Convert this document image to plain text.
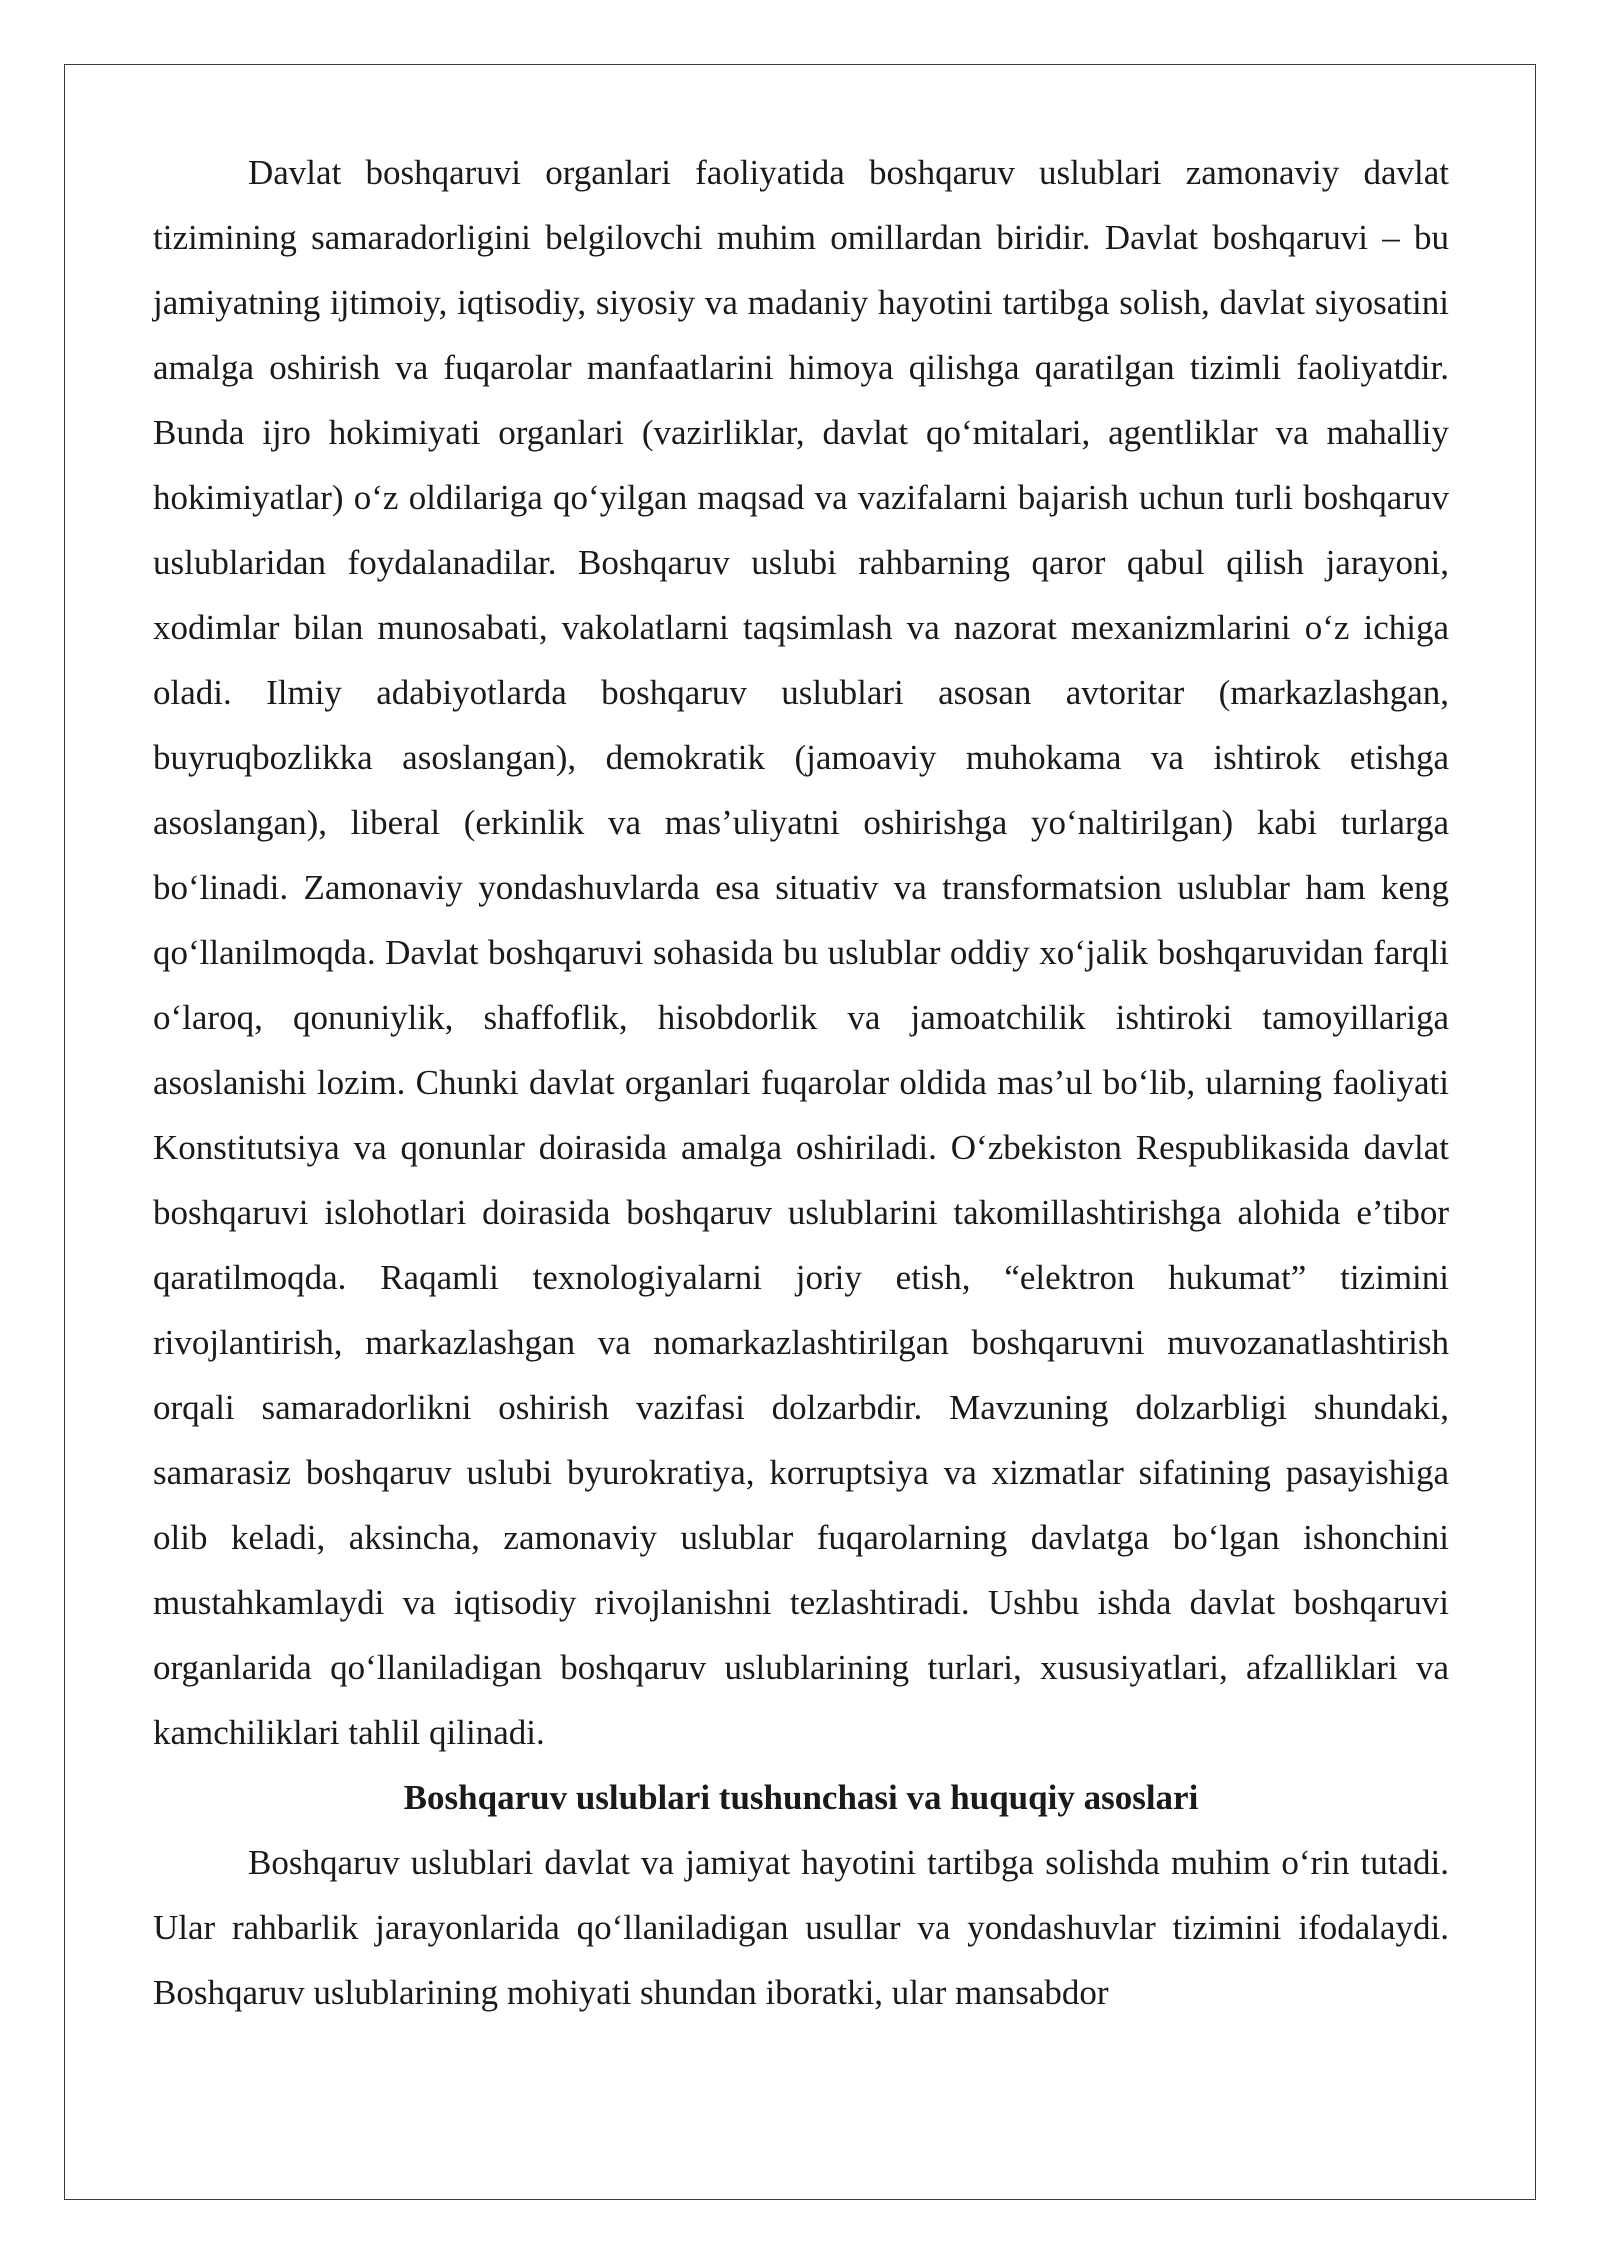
Davlat boshqaruvi organlari faoliyatida boshqaruv uslublari zamonaviy davlat tizimining samaradorligini belgilovchi muhim omillardan biridir. Davlat boshqaruvi – bu jamiyatning ijtimoiy, iqtisodiy, siyosiy va madaniy hayotini tartibga solish, davlat siyosatini amalga oshirish va fuqarolar manfaatlarini himoya qilishga qaratilgan tizimli faoliyatdir. Bunda ijro hokimiyati organlari (vazirliklar, davlat qoʻmitalari, agentliklar va mahalliy hokimiyatlar) oʻz oldilariga qoʻyilgan maqsad va vazifalarni bajarish uchun turli boshqaruv uslublaridan foydalanadilar. Boshqaruv uslubi rahbarning qaror qabul qilish jarayoni, xodimlar bilan munosabati, vakolatlarni taqsimlash va nazorat mexanizmlarini oʻz ichiga oladi. Ilmiy adabiyotlarda boshqaruv uslublari asosan avtoritar (markazlashgan, buyruqbozlikka asoslangan), demokratik (jamoaviy muhokama va ishtirok etishga asoslangan), liberal (erkinlik va mas’uliyatni oshirishga yoʻnaltirilgan) kabi turlarga boʻlinadi. Zamonaviy yondashuvlarda esa situativ va transformatsion uslublar ham keng qoʻllanilmoqda. Davlat boshqaruvi sohasida bu uslublar oddiy xoʻjalik boshqaruvidan farqli oʻlaroq, qonuniylik, shaffoflik, hisobdorlik va jamoatchilik ishtiroki tamoyillariga asoslanishi lozim. Chunki davlat organlari fuqarolar oldida mas’ul boʻlib, ularning faoliyati Konstitutsiya va qonunlar doirasida amalga oshiriladi. Oʻzbekiston Respublikasida davlat boshqaruvi islohotlari doirasida boshqaruv uslublarini takomillashtirishga alohida e’tibor qaratilmoqda. Raqamli texnologiyalarni joriy etish, “elektron hukumat” tizimini rivojlantirish, markazlashgan va nomarkazlashtirilgan boshqaruvni muvozanatlashtirish orqali samaradorlikni oshirish vazifasi dolzarbdir. Mavzuning dolzarbligi shundaki, samarasiz boshqaruv uslubi byurokratiya, korruptsiya va xizmatlar sifatining pasayishiga olib keladi, aksincha, zamonaviy uslublar fuqarolarning davlatga boʻlgan ishonchini mustahkamlaydi va iqtisodiy rivojlanishni tezlashtiradi. Ushbu ishda davlat boshqaruvi organlarida qoʻllaniladigan boshqaruv uslublarining turlari, xususiyatlari, afzalliklari va kamchiliklari tahlil qilinadi.

Boshqaruv uslublari tushunchasi va huquqiy asoslari

Boshqaruv uslublari davlat va jamiyat hayotini tartibga solishda muhim oʻrin tutadi. Ular rahbarlik jarayonlarida qoʻllaniladigan usullar va yondashuvlar tizimini ifodalaydi. Boshqaruv uslublarining mohiyati shundan iboratki, ular mansabdor
